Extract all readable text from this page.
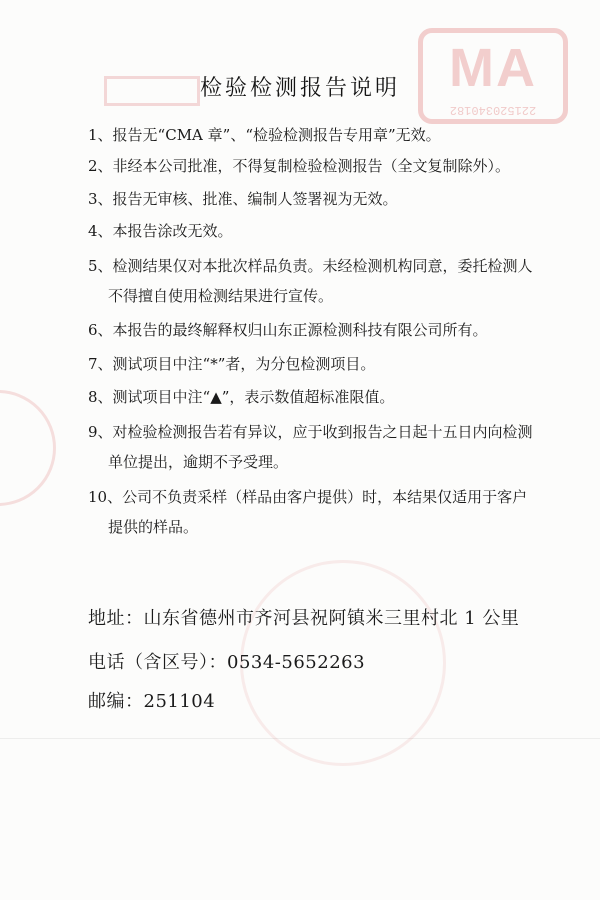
MA
221520340182
检验检测报告说明
1、报告无“CMA 章”、“检验检测报告专用章”无效。
2、非经本公司批准，不得复制检验检测报告（全文复制除外）。
3、报告无审核、批准、编制人签署视为无效。
4、本报告涂改无效。
5、检测结果仅对本批次样品负责。未经检测机构同意，委托检测人
不得擅自使用检测结果进行宣传。
6、本报告的最终解释权归山东正源检测科技有限公司所有。
7、测试项目中注“*”者，为分包检测项目。
8、测试项目中注“▲”，表示数值超标准限值。
9、对检验检测报告若有异议，应于收到报告之日起十五日内向检测
单位提出，逾期不予受理。
10、公司不负责采样（样品由客户提供）时，本结果仅适用于客户
提供的样品。
地址：山东省德州市齐河县祝阿镇米三里村北 1 公里
电话（含区号）：0534-5652263
邮编：251104
